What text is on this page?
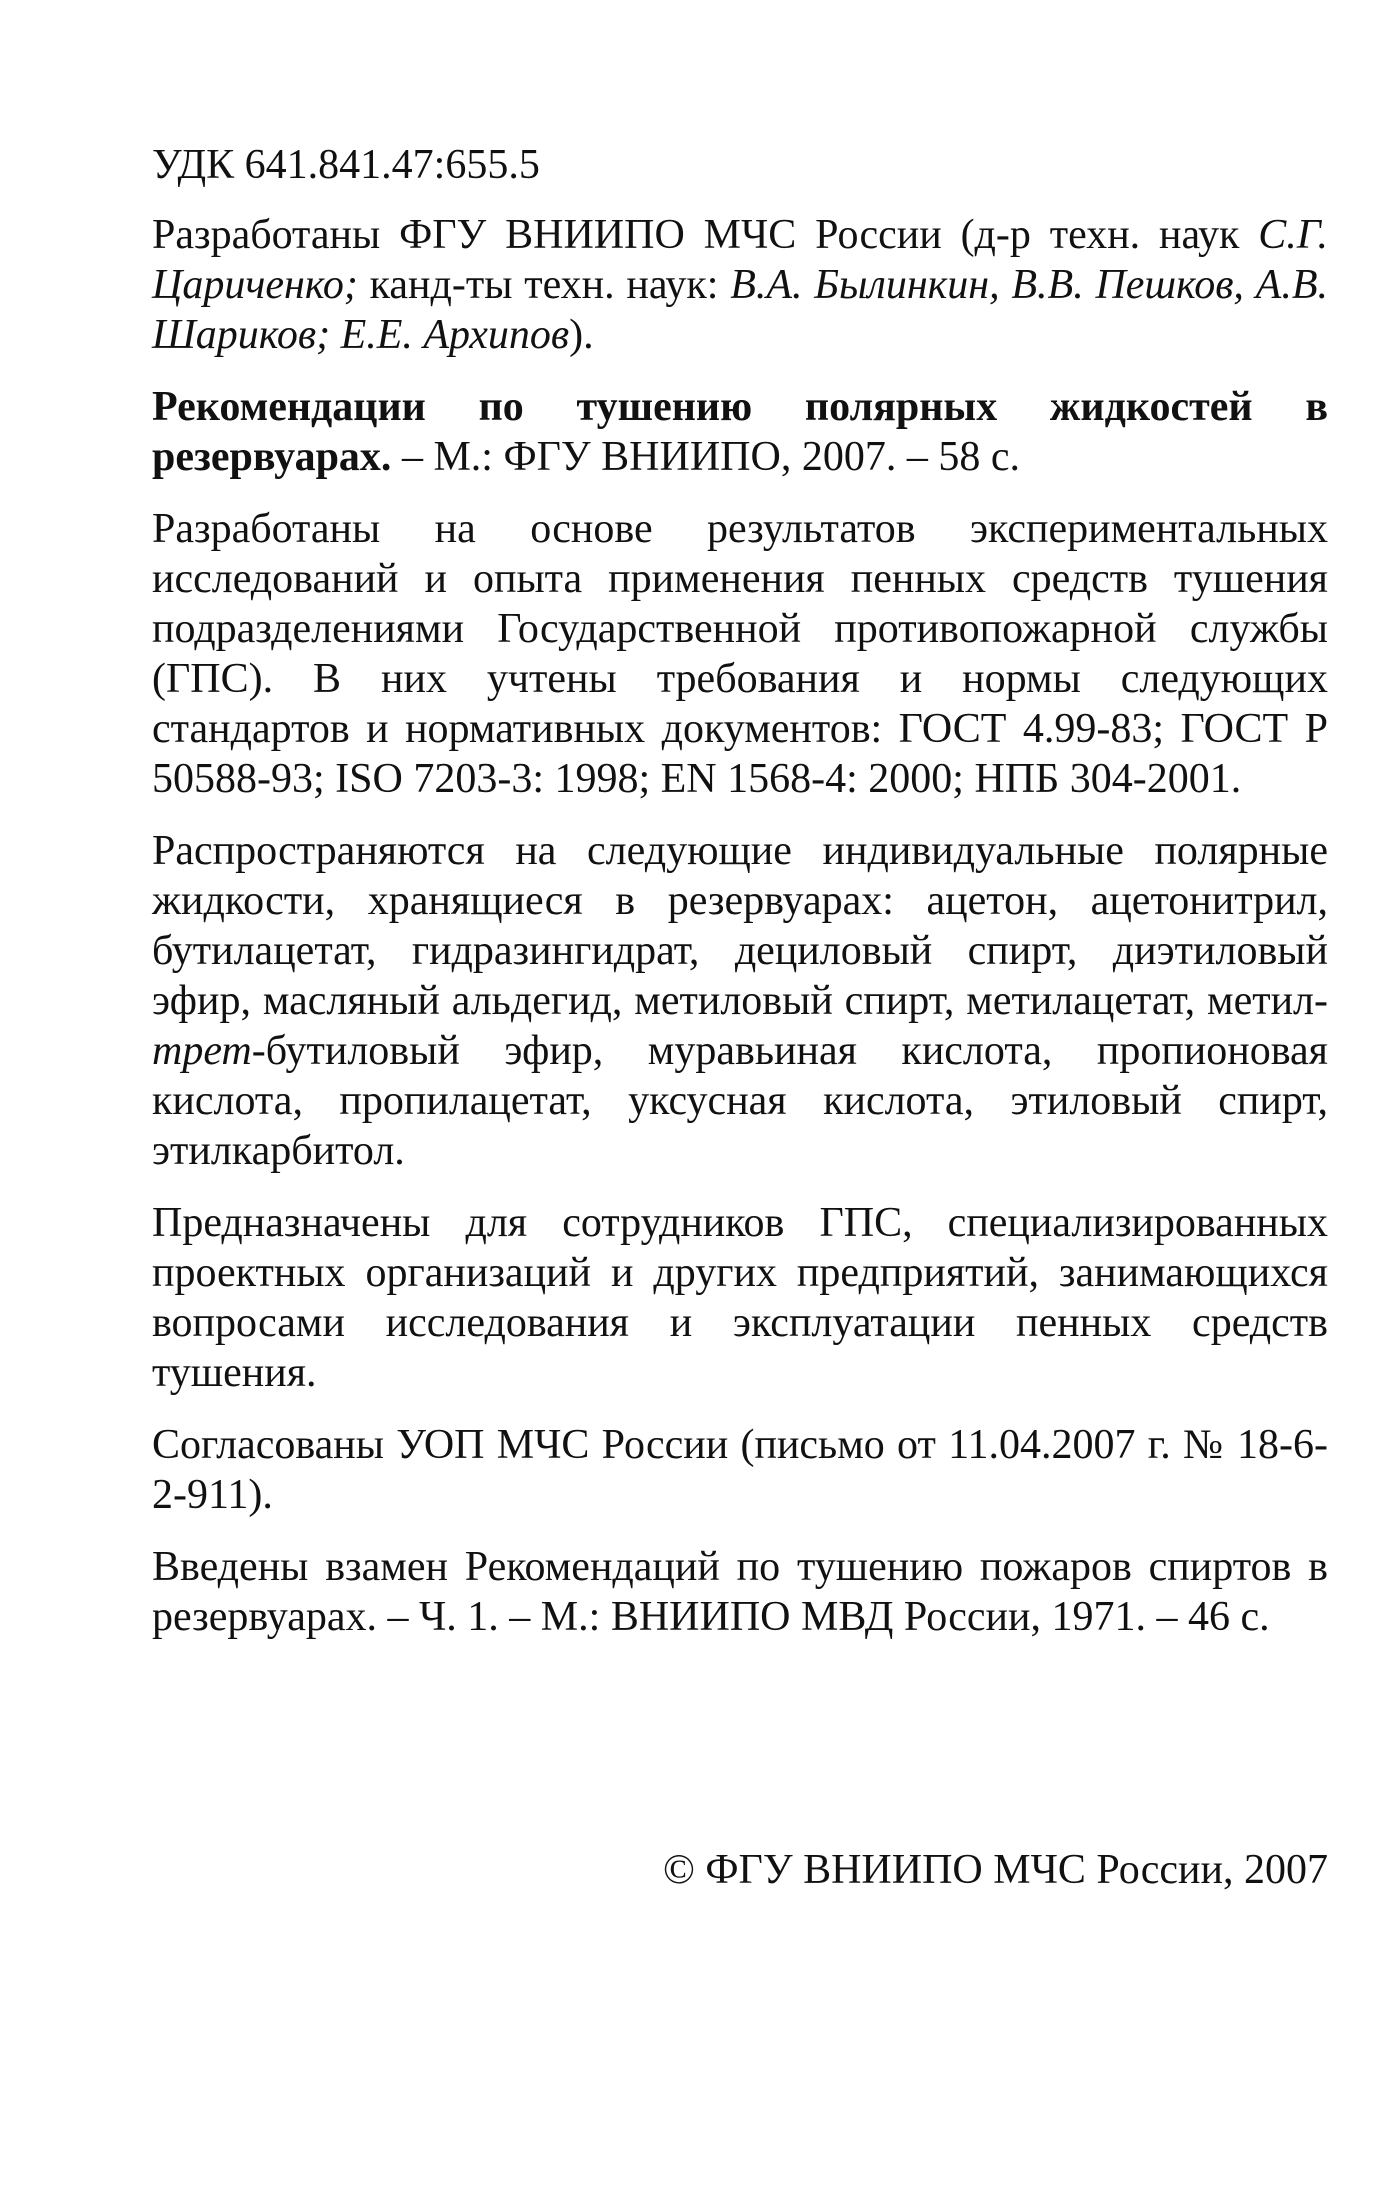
УДК 641.841.47:655.5

Разработаны ФГУ ВНИИПО МЧС России (д-р техн. наук С.Г. Цариченко; канд-ты техн. наук: В.А. Былинкин, В.В. Пешков, А.В. Шариков; Е.Е. Архипов).

Рекомендации по тушению полярных жидкостей в резервуарах. – М.: ФГУ ВНИИПО, 2007. – 58 с.

Разработаны на основе результатов экспериментальных исследований и опыта применения пенных средств тушения подразделениями Государственной противопожарной службы (ГПС). В них учтены требования и нормы следующих стандартов и нормативных документов: ГОСТ 4.99-83; ГОСТ Р 50588-93; ISO 7203-3: 1998; EN 1568-4: 2000; НПБ 304-2001.

Распространяются на следующие индивидуальные полярные жидкости, хранящиеся в резервуарах: ацетон, ацетонитрил, бутилацетат, гидразингидрат, дециловый спирт, диэтиловый эфир, масляный альдегид, метиловый спирт, метилацетат, метил-трет-бутиловый эфир, муравьиная кислота, пропионовая кислота, пропилацетат, уксусная кислота, этиловый спирт, этилкарбитол.

Предназначены для сотрудников ГПС, специализированных проектных организаций и других предприятий, занимающихся вопросами исследования и эксплуатации пенных средств тушения.

Согласованы УОП МЧС России (письмо от 11.04.2007 г. № 18-6-2-911).

Введены взамен Рекомендаций по тушению пожаров спиртов в резервуарах. – Ч. 1. – М.: ВНИИПО МВД России, 1971. – 46 с.

© ФГУ ВНИИПО МЧС России, 2007
